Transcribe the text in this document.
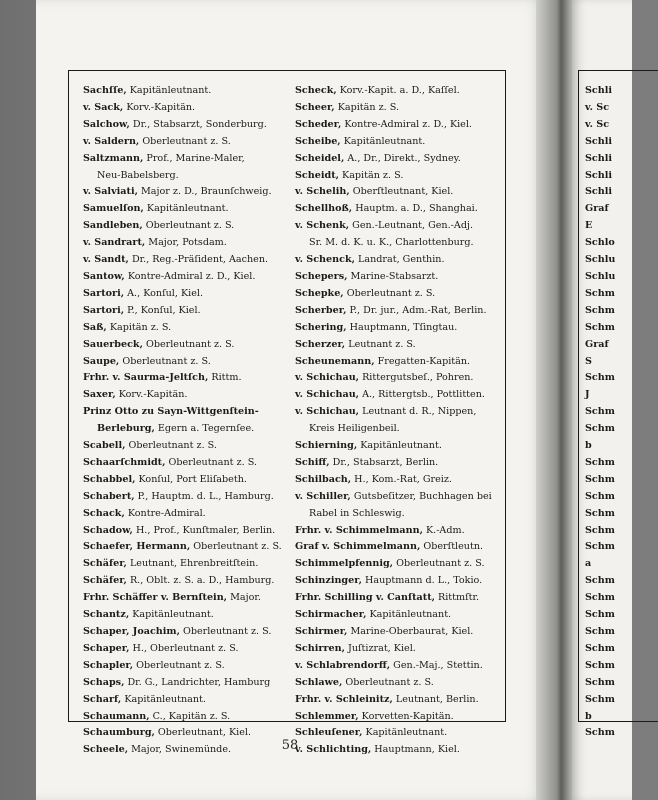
Sachſſe, Kapitänleutnant.

v. Sack, Korv.-Kapitän.

Salchow, Dr., Stabsarzt, Sonderburg.

v. Saldern, Oberleutnant z. S.

Saltzmann, Prof., Marine-Maler,

Neu-Babelsberg.

v. Salviati, Major z. D., Braunſchweig.

Samuelſon, Kapitänleutnant.

Sandleben, Oberleutnant z. S.

v. Sandrart, Major, Potsdam.

v. Sandt, Dr., Reg.-Präſident, Aachen.

Santow, Kontre-Admiral z. D., Kiel.

Sartori, A., Konſul, Kiel.

Sartori, P., Konſul, Kiel.

Saß, Kapitän z. S.

Sauerbeck, Oberleutnant z. S.

Saupe, Oberleutnant z. S.

Frhr. v. Saurma-Jeltſch, Rittm.

Saxer, Korv.-Kapitän.

Prinz Otto zu Sayn-Wittgenſtein-

Berleburg, Egern a. Tegernſee.

Scabell, Oberleutnant z. S.

Schaarſchmidt, Oberleutnant z. S.

Schabbel, Konſul, Port Eliſabeth.

Schabert, P., Hauptm. d. L., Hamburg.

Schack, Kontre-Admiral.

Schadow, H., Prof., Kunſtmaler, Berlin.

Schaefer, Hermann, Oberleutnant z. S.

Schäfer, Leutnant, Ehrenbreitſtein.

Schäfer, R., Oblt. z. S. a. D., Hamburg.

Frhr. Schäffer v. Bernſtein, Major.

Schantz, Kapitänleutnant.

Schaper, Joachim, Oberleutnant z. S.

Schaper, H., Oberleutnant z. S.

Schapler, Oberleutnant z. S.

Schaps, Dr. G., Landrichter, Hamburg

Scharf, Kapitänleutnant.

Schaumann, C., Kapitän z. S.

Schaumburg, Oberleutnant, Kiel.

Scheele, Major, Swinemünde.

Scheck, Korv.-Kapit. a. D., Kaſſel.

Scheer, Kapitän z. S.

Scheder, Kontre-Admiral z. D., Kiel.

Scheibe, Kapitänleutnant.

Scheidel, A., Dr., Direkt., Sydney.

Scheidt, Kapitän z. S.

v. Schelih, Oberſtleutnant, Kiel.

Schellhoß, Hauptm. a. D., Shanghai.

v. Schenk, Gen.-Leutnant, Gen.-Adj.

Sr. M. d. K. u. K., Charlottenburg.

v. Schenck, Landrat, Genthin.

Schepers, Marine-Stabsarzt.

Schepke, Oberleutnant z. S.

Scherber, P., Dr. jur., Adm.-Rat, Berlin.

Schering, Hauptmann, Tſingtau.

Scherzer, Leutnant z. S.

Scheunemann, Fregatten-Kapitän.

v. Schichau, Rittergutsbeſ., Pohren.

v. Schichau, A., Rittergtsb., Pottlitten.

v. Schichau, Leutnant d. R., Nippen,

Kreis Heiligenbeil.

Schierning, Kapitänleutnant.

Schiff, Dr., Stabsarzt, Berlin.

Schilbach, H., Kom.-Rat, Greiz.

v. Schiller, Gutsbeſitzer, Buchhagen bei

Rabel in Schleswig.

Frhr. v. Schimmelmann, K.-Adm.

Graf v. Schimmelmann, Oberſtleutn.

Schimmelpfennig, Oberleutnant z. S.

Schinzinger, Hauptmann d. L., Tokio.

Frhr. Schilling v. Canſtatt, Rittmſtr.

Schirmacher, Kapitänleutnant.

Schirmer, Marine-Oberbaurat, Kiel.

Schirren, Juſtizrat, Kiel.

v. Schlabrendorff, Gen.-Maj., Stettin.

Schlawe, Oberleutnant z. S.

Frhr. v. Schleinitz, Leutnant, Berlin.

Schlemmer, Korvetten-Kapitän.

Schleuſener, Kapitänleutnant.

v. Schlichting, Hauptmann, Kiel.

58

Schli

v. Sc

v. Sc

Schli

Schli

Schli

Schli

Graf

E

Schlo

Schlu

Schlu

Schm

Schm

Schm

Graf

S

Schm

J

Schm

Schm

b

Schm

Schm

Schm

Schm

Schm

Schm

a

Schm

Schm

Schm

Schm

Schm

Schm

Schm

Schm

b

Schm
